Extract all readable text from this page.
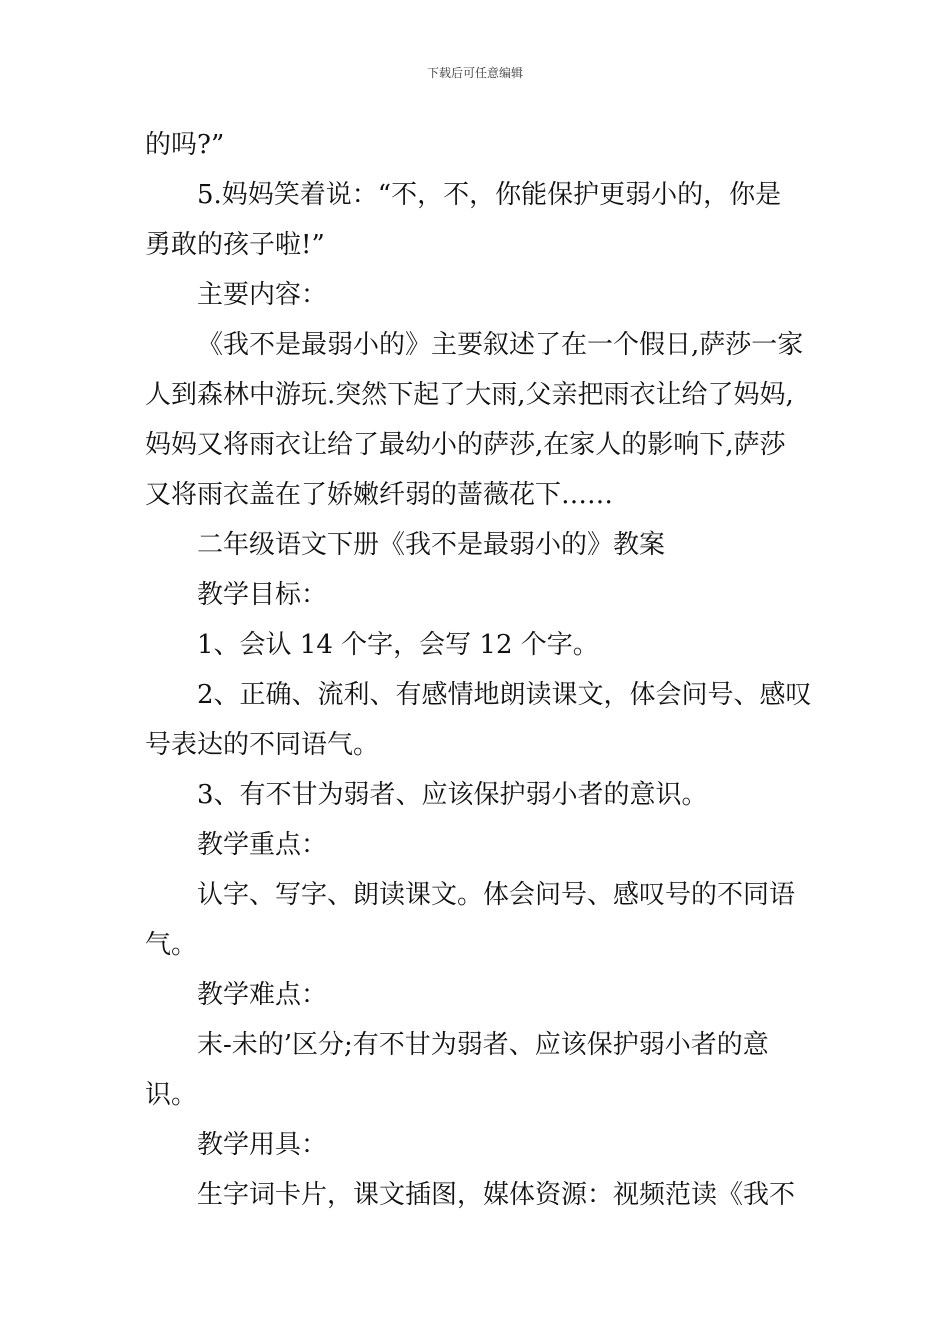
下载后可任意编辑

的吗?”

5.妈妈笑着说：“不，不，你能保护更弱小的，你是

勇敢的孩子啦!”

主要内容：

《我不是最弱小的》主要叙述了在一个假日,萨莎一家

人到森林中游玩.突然下起了大雨,父亲把雨衣让给了妈妈,

妈妈又将雨衣让给了最幼小的萨莎,在家人的影响下,萨莎

又将雨衣盖在了娇嫩纤弱的蔷薇花下……

二年级语文下册《我不是最弱小的》教案

教学目标：

1、会认 14 个字，会写 12 个字。

2、正确、流利、有感情地朗读课文，体会问号、感叹

号表达的不同语气。

3、有不甘为弱者、应该保护弱小者的意识。

教学重点：

认字、写字、朗读课文。体会问号、感叹号的不同语

气。

教学难点：

末-未的’区分;有不甘为弱者、应该保护弱小者的意

识。

教学用具：

生字词卡片，课文插图，媒体资源：视频范读《我不
